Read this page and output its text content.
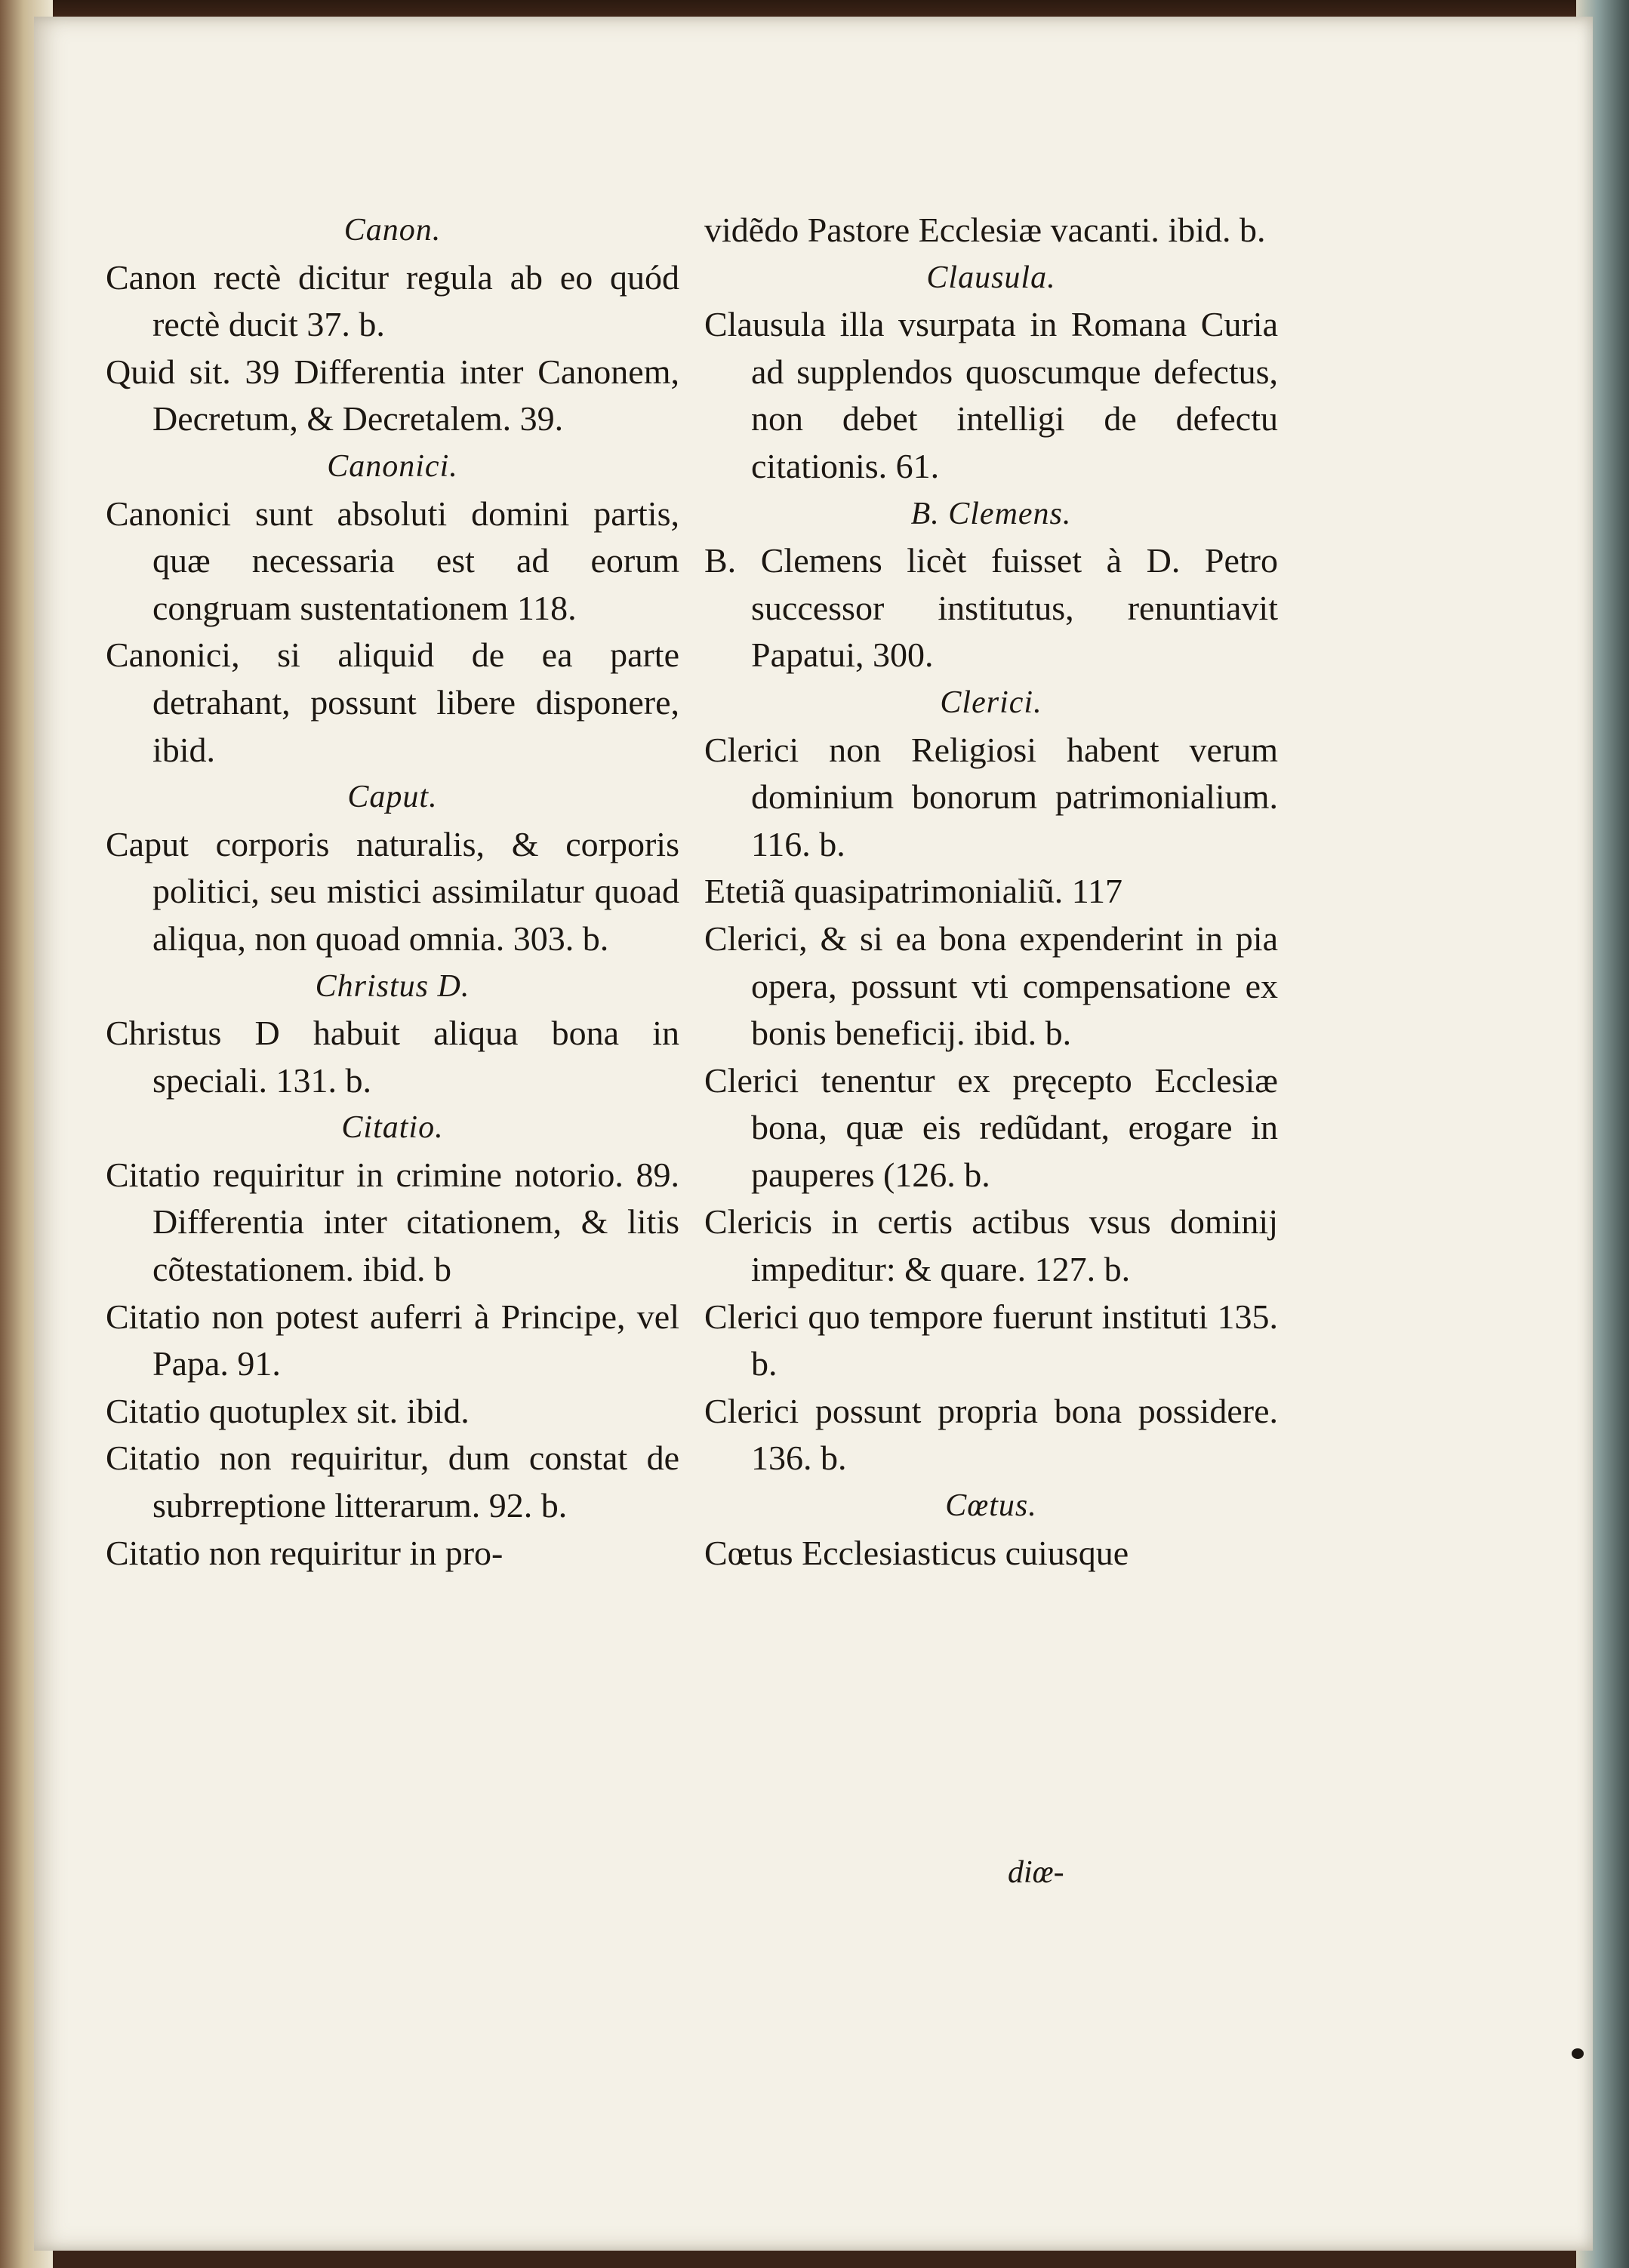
Canon.
Canon rectè dicitur regula ab eo quód rectè ducit 37. b.
Quid sit. 39 Differentia inter Canonem, Decretum, & Decretalem. 39.
Canonici.
Canonici sunt absoluti domini partis, quæ necessaria est ad eorum congruam sustentationem 118.
Canonici, si aliquid de ea parte detrahant, possunt libere disponere, ibid.
Caput.
Caput corporis naturalis, & corporis politici, seu mistici assimilatur quoad aliqua, non quoad omnia. 303. b.
Christus D.
Christus D habuit aliqua bona in speciali. 131. b.
Citatio.
Citatio requiritur in crimine notorio. 89. Differentia inter citationem, & litis cõtestationem. ibid. b
Citatio non potest auferri à Principe, vel Papa. 91.
Citatio quotuplex sit. ibid.
Citatio non requiritur, dum constat de subrreptione litterarum. 92. b.
Citatio non requiritur in pro-
vidẽdo Pastore Ecclesiæ vacanti. ibid. b.
Clausula.
Clausula illa vsurpata in Romana Curia ad supplendos quoscumque defectus, non debet intelligi de defectu citationis. 61.
B. Clemens.
B. Clemens licèt fuisset à D. Petro successor institutus, renuntiavit Papatui, 300.
Clerici.
Clerici non Religiosi habent verum dominium bonorum patrimonialium. 116. b.
Etetiã quasipatrimonialiũ. 117
Clerici, & si ea bona expenderint in pia opera, possunt vti compensatione ex bonis beneficij. ibid. b.
Clerici tenentur ex pręcepto Ecclesiæ bona, quæ eis redũdant, erogare in pauperes (126. b.
Clericis in certis actibus vsus dominij impeditur: & quare. 127. b.
Clerici quo tempore fuerunt instituti 135. b.
Clerici possunt propria bona possidere. 136. b.
Cœtus.
Cœtus Ecclesiasticus cuiusque
diœ-
